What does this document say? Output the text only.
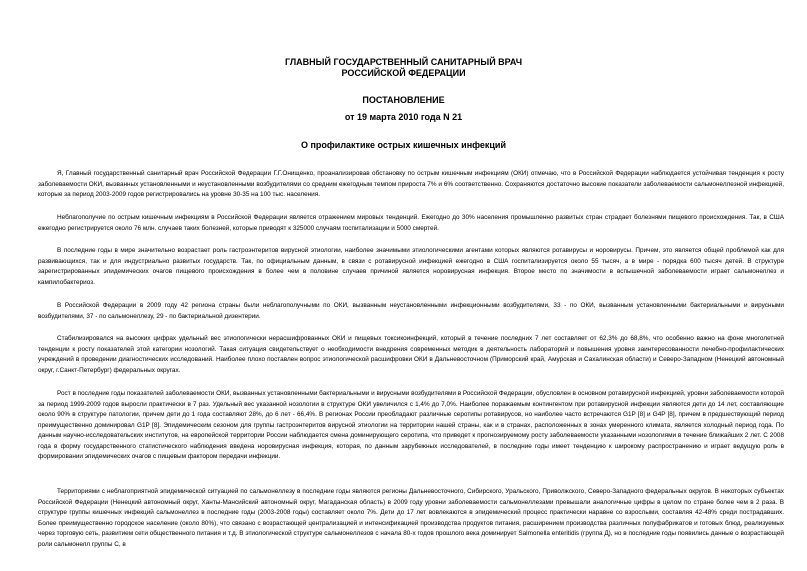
ГЛАВНЫЙ ГОСУДАРСТВЕННЫЙ САНИТАРНЫЙ ВРАЧ
РОССИЙСКОЙ ФЕДЕРАЦИИ
ПОСТАНОВЛЕНИЕ
от 19 марта 2010 года N 21
О профилактике острых кишечных инфекций
Я, Главный государственный санитарный врач Российской Федерации Г.Г.Онищенко, проанализировав обстановку по острым кишечным инфекциям (ОКИ) отмечаю, что в Российской Федерации наблюдается устойчивая тенденция к росту заболеваемости ОКИ, вызванных установленными и неустановленными возбудителями со средним ежегодным темпом прироста 7% и 6% соответственно. Сохраняются достаточно высокие показатели заболеваемости сальмонеллезной инфекцией, которые за период 2003-2009 годов регистрировались на уровне 30-35 на 100 тыс. населения.
Неблагополучие по острым кишечным инфекциям в Российской Федерации является отражением мировых тенденций. Ежегодно до 30% населения промышленно развитых стран страдает болезнями пищевого происхождения. Так, в США ежегодно регистрируется около 76 млн. случаев таких болезней, которые приводят к 325000 случаям госпитализации и 5000 смертей.
В последние годы в мире значительно возрастает роль гастроэнтеритов вирусной этиологии, наиболее значимыми этиологическими агентами которых являются ротавирусы и норовирусы. Причем, это является общей проблемой как для развивающихся, так и для индустриально развитых государств. Так, по официальным данным, в связи с ротавирусной инфекцией ежегодно в США госпитализируется около 55 тысяч, а в мире - порядка 600 тысяч детей. В структуре зарегистрированных эпидемических очагов пищевого происхождения в более чем в половине случаев причиной является норовирусная инфекция. Второе место по значимости в вспышечной заболеваемости играет сальмонеллез и кампилобактериоз.
В Российской Федерации в 2009 году 42 региона страны были неблагополучными по ОКИ, вызванным неустановленными инфекционными возбудителями, 33 - по ОКИ, вызванным установленными бактериальными и вирусными возбудителями, 37 - по сальмонеллезу, 29 - по бактериальной дизентерии.
Стабилизировался на высоких цифрах удельный вес этиологически нерасшифрованных ОКИ и пищевых токсикоинфекций, который в течение последних 7 лет составляет от 62,3% до 68,8%, что особенно важно на фоне многолетней тенденции к росту показателей этой категории нозологий. Такая ситуация свидетельствует о необходимости внедрения современных методик в деятельность лабораторий и повышения уровня заинтересованности лечебно-профилактических учреждений в проведении диагностических исследований. Наиболее плохо поставлен вопрос этиологической расшифровки ОКИ в Дальневосточном (Приморский край, Амурская и Сахалинская области) и Северо-Западном (Ненецкий автономный округ, г.Санкт-Петербург) федеральных округах.
Рост в последние годы показателей заболеваемости ОКИ, вызванных установленными бактериальными и вирусными возбудителями в Российской Федерации, обусловлен в основном ротавирусной инфекцией, уровни заболеваемости которой за период 1999-2009 годов выросли практически в 7 раз. Удельный вес указанной нозологии в структуре ОКИ увеличился с 1,4% до 7,0%. Наиболее поражаемым контингентом при ротавирусной инфекции являются дети до 14 лет, составляющие около 90% в структуре патологии, причем дети до 1 года составляют 28%, до 6 лет - 66,4%. В регионах России преобладают различные серотипы ротавирусов, но наиболее часто встречаются G1P [8] и G4P [8], причем в предшествующий период преимущественно доминировал G1P [8]. Эпидемическим сезоном для группы гастроэнтеритов вирусной этиологии на территории нашей страны, как и в странах, расположенных в зонах умеренного климата, является холодный период года. По данным научно-исследовательских институтов, на европейской территории России наблюдается смена доминирующего серотипа, что приведет к прогнозируемому росту заболеваемости указанными нозологиями в течение ближайших 2 лет. С 2008 года в форму государственного статистического наблюдения введена норовирусная инфекция, которая, по данным зарубежных исследователей, в последние годы имеет тенденцию к широкому распространению и играет ведущую роль в формировании эпидемических очагов с пищевым фактором передачи инфекции.
Территориями с неблагоприятной эпидемической ситуацией по сальмонеллезу в последние годы являются регионы Дальневосточного, Сибирского, Уральского, Приволжского, Северо-Западного федеральных округов. В некоторых субъектах Российской Федерации (Ненецкий автономный округ, Ханты-Мансийский автономный округ, Магаданская область) в 2009 году уровни заболеваемости сальмонеллезами превышали аналогичные цифры в целом по стране более чем в 2 раза. В структуре группы кишечных инфекций сальмонеллез в последние годы (2003-2008 годы) составляет около 7%. Дети до 17 лет вовлекаются в эпидемический процесс практически наравне со взрослыми, составляя 42-48% среди пострадавших. Более преимущественно городское население (около 80%), что связано с возрастающей централизацией и интенсификацией производства продуктов питания, расширением производства различных полуфабрикатов и готовых блюд, реализуемых через торговую сеть, развитием сети общественного питания и т.д. В этиологической структуре сальмонеллезов с начала 80-х годов прошлого века доминирует Salmonella enteritidis (группа Д), но в последние годы появились данные о возрастающей роли сальмонелл группы С, в
